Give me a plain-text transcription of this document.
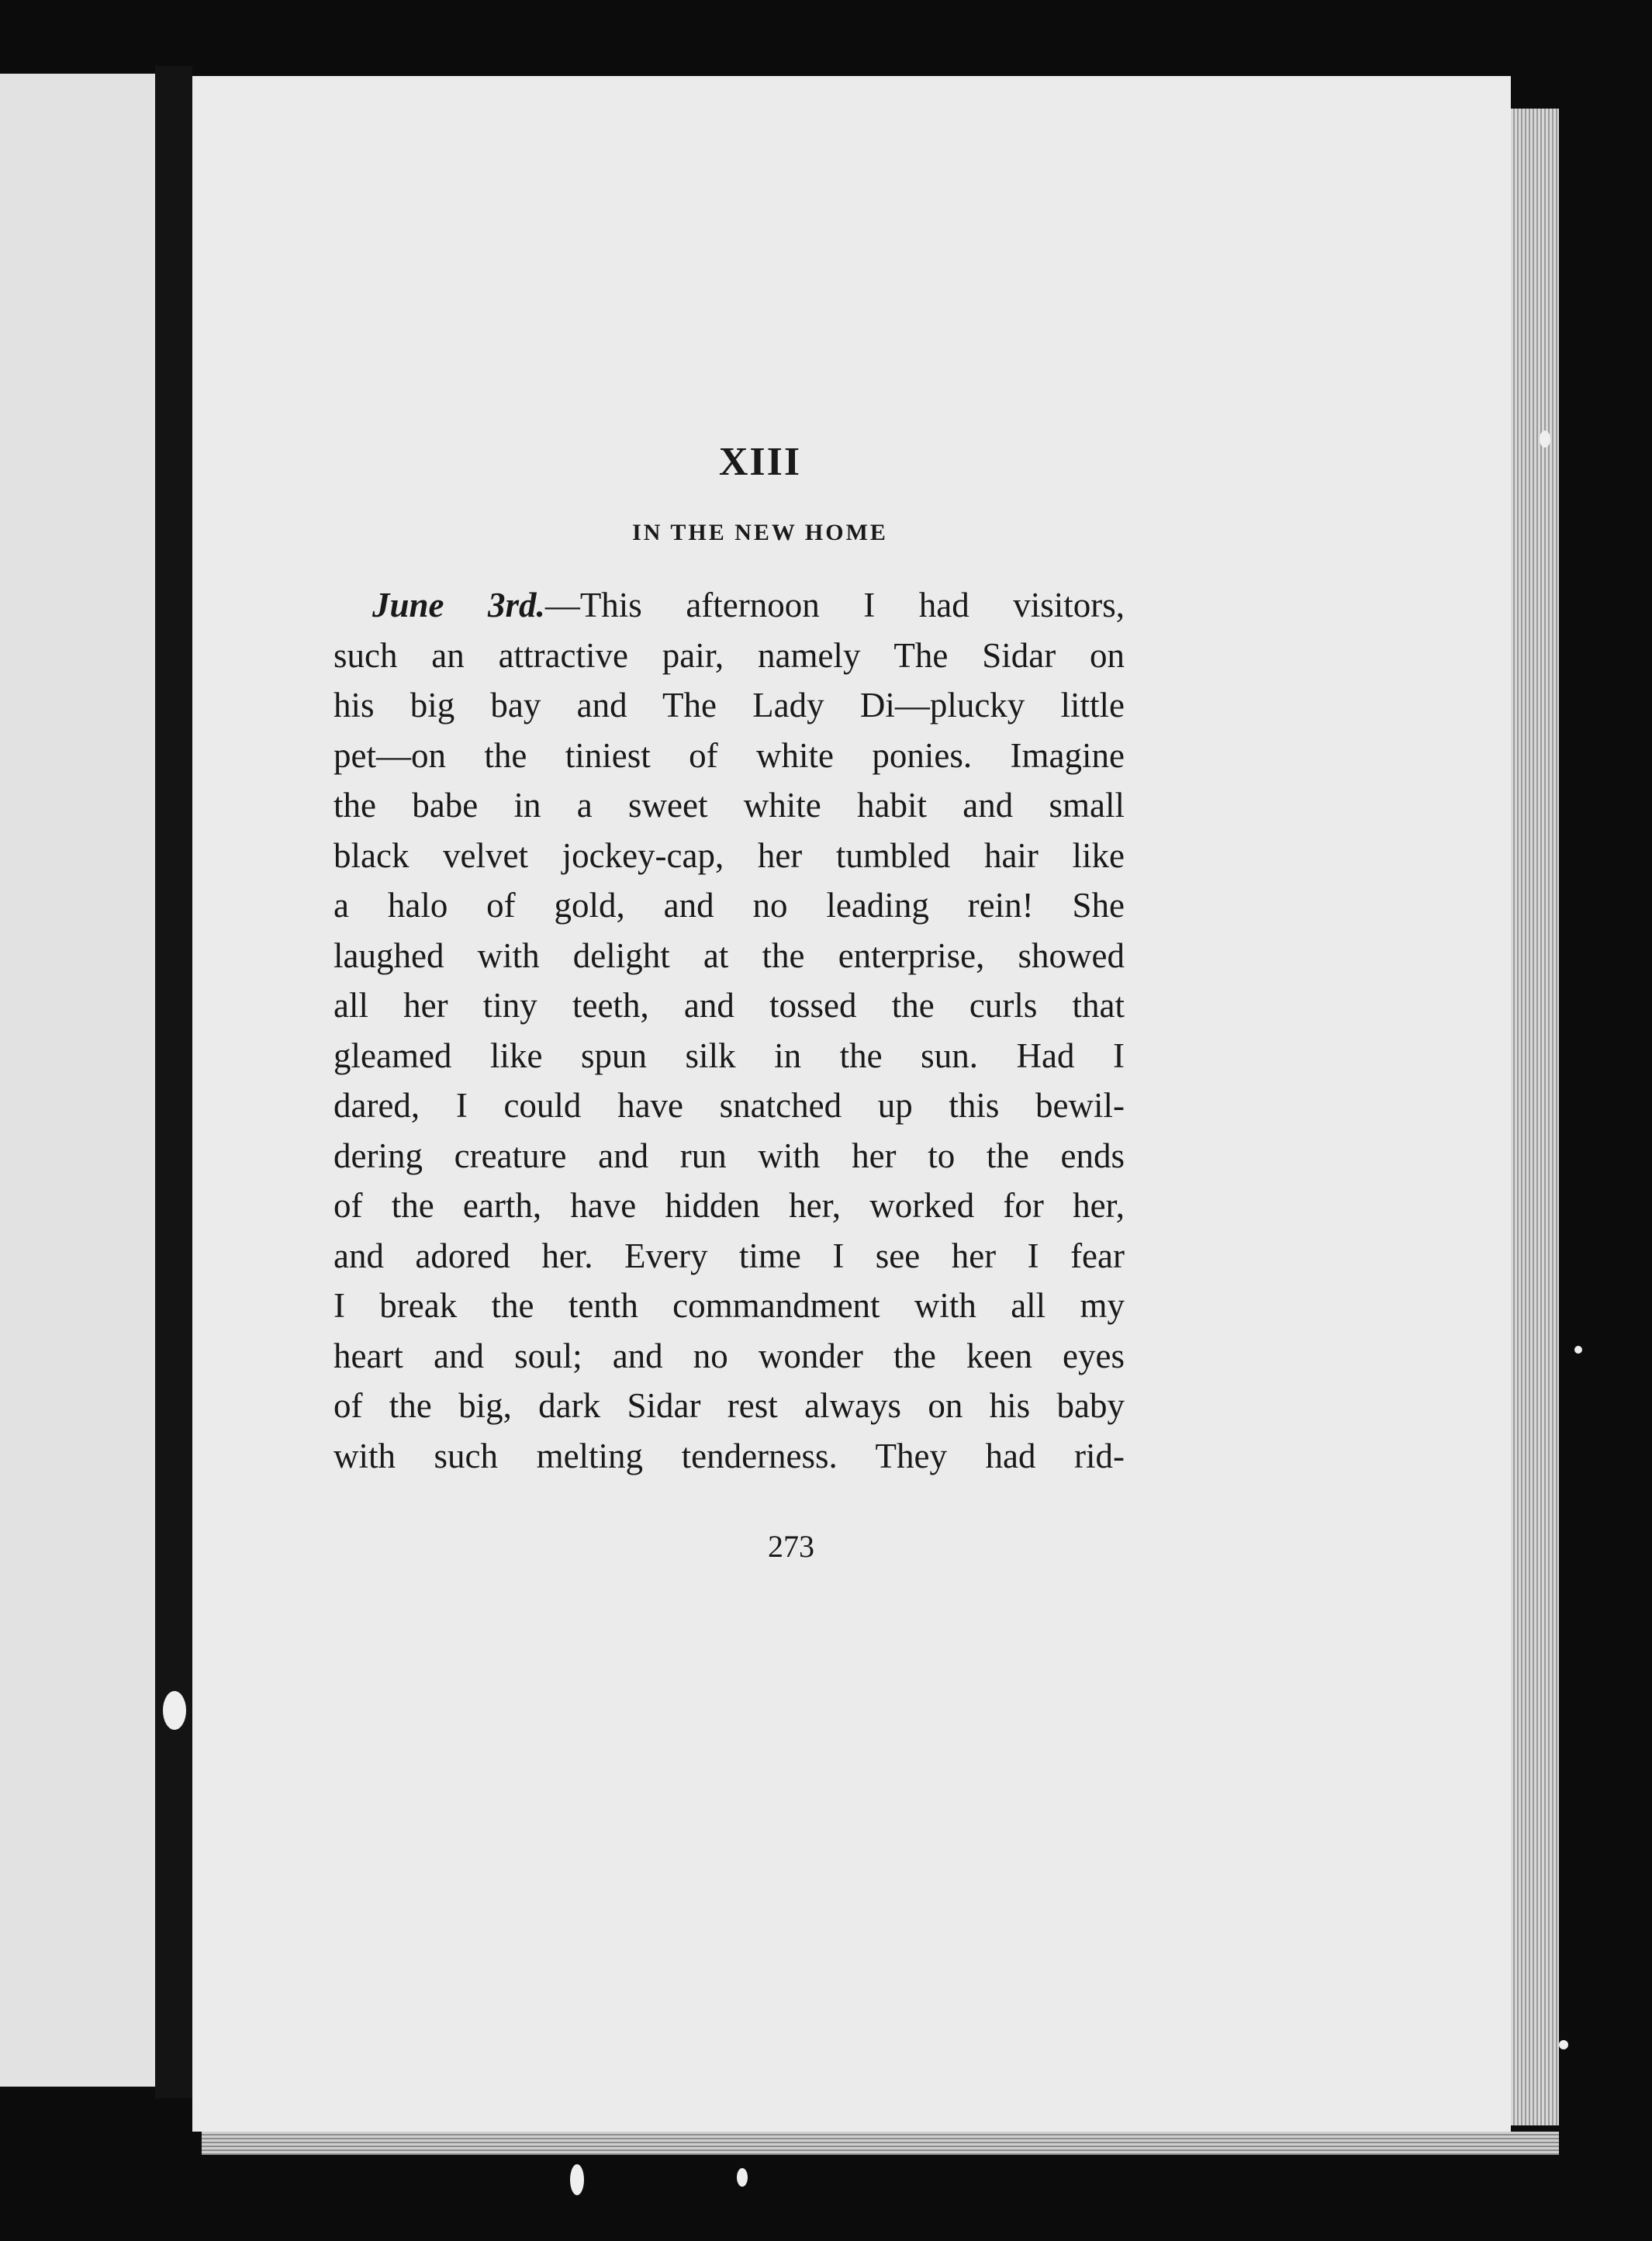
XIII
IN THE NEW HOME
June 3rd.—This afternoon I had visitors,
such an attractive pair, namely The Sidar on
his big bay and The Lady Di—plucky little
pet—on the tiniest of white ponies. Imagine
the babe in a sweet white habit and small
black velvet jockey-cap, her tumbled hair like
a halo of gold, and no leading rein! She
laughed with delight at the enterprise, showed
all her tiny teeth, and tossed the curls that
gleamed like spun silk in the sun. Had I
dared, I could have snatched up this bewil-
dering creature and run with her to the ends
of the earth, have hidden her, worked for her,
and adored her. Every time I see her I fear
I break the tenth commandment with all my
heart and soul; and no wonder the keen eyes
of the big, dark Sidar rest always on his baby
with such melting tenderness. They had rid-
273
